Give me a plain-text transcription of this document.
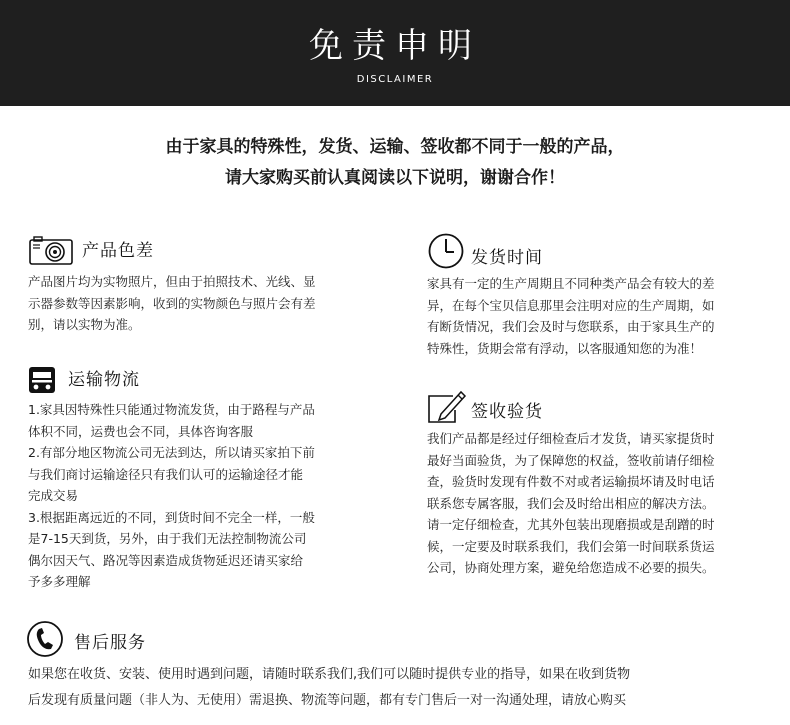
免责申明
DISCLAIMER
由于家具的特殊性，发货、运输、签收都不同于一般的产品，
请大家购买前认真阅读以下说明，谢谢合作！
产品色差
产品图片均为实物照片，但由于拍照技术、光线、显
示器参数等因素影响，收到的实物颜色与照片会有差
别，请以实物为准。
发货时间
家具有一定的生产周期且不同种类产品会有较大的差
异，在每个宝贝信息那里会注明对应的生产周期，如
有断货情况，我们会及时与您联系，由于家具生产的
特殊性，货期会常有浮动，以客服通知您的为准！
运输物流
1.家具因特殊性只能通过物流发货，由于路程与产品
体积不同，运费也会不同，具体咨询客服
2.有部分地区物流公司无法到达，所以请买家拍下前
与我们商讨运输途径只有我们认可的运输途径才能
完成交易
3.根据距离远近的不同，到货时间不完全一样，一般
是7-15天到货，另外，由于我们无法控制物流公司
偶尔因天气、路况等因素造成货物延迟还请买家给
予多多理解
签收验货
我们产品都是经过仔细检查后才发货，请买家提货时
最好当面验货，为了保障您的权益，签收前请仔细检
查，验货时发现有件数不对或者运输损坏请及时电话
联系您专属客服，我们会及时给出相应的解决方法。
请一定仔细检查，尤其外包装出现磨损或是刮蹭的时
候，一定要及时联系我们，我们会第一时间联系货运
公司，协商处理方案，避免给您造成不必要的损失。
售后服务
如果您在收货、安装、使用时遇到问题，请随时联系我们,我们可以随时提供专业的指导，如果在收到货物
后发现有质量问题（非人为、无使用）需退换、物流等问题，都有专门售后一对一沟通处理，请放心购买
